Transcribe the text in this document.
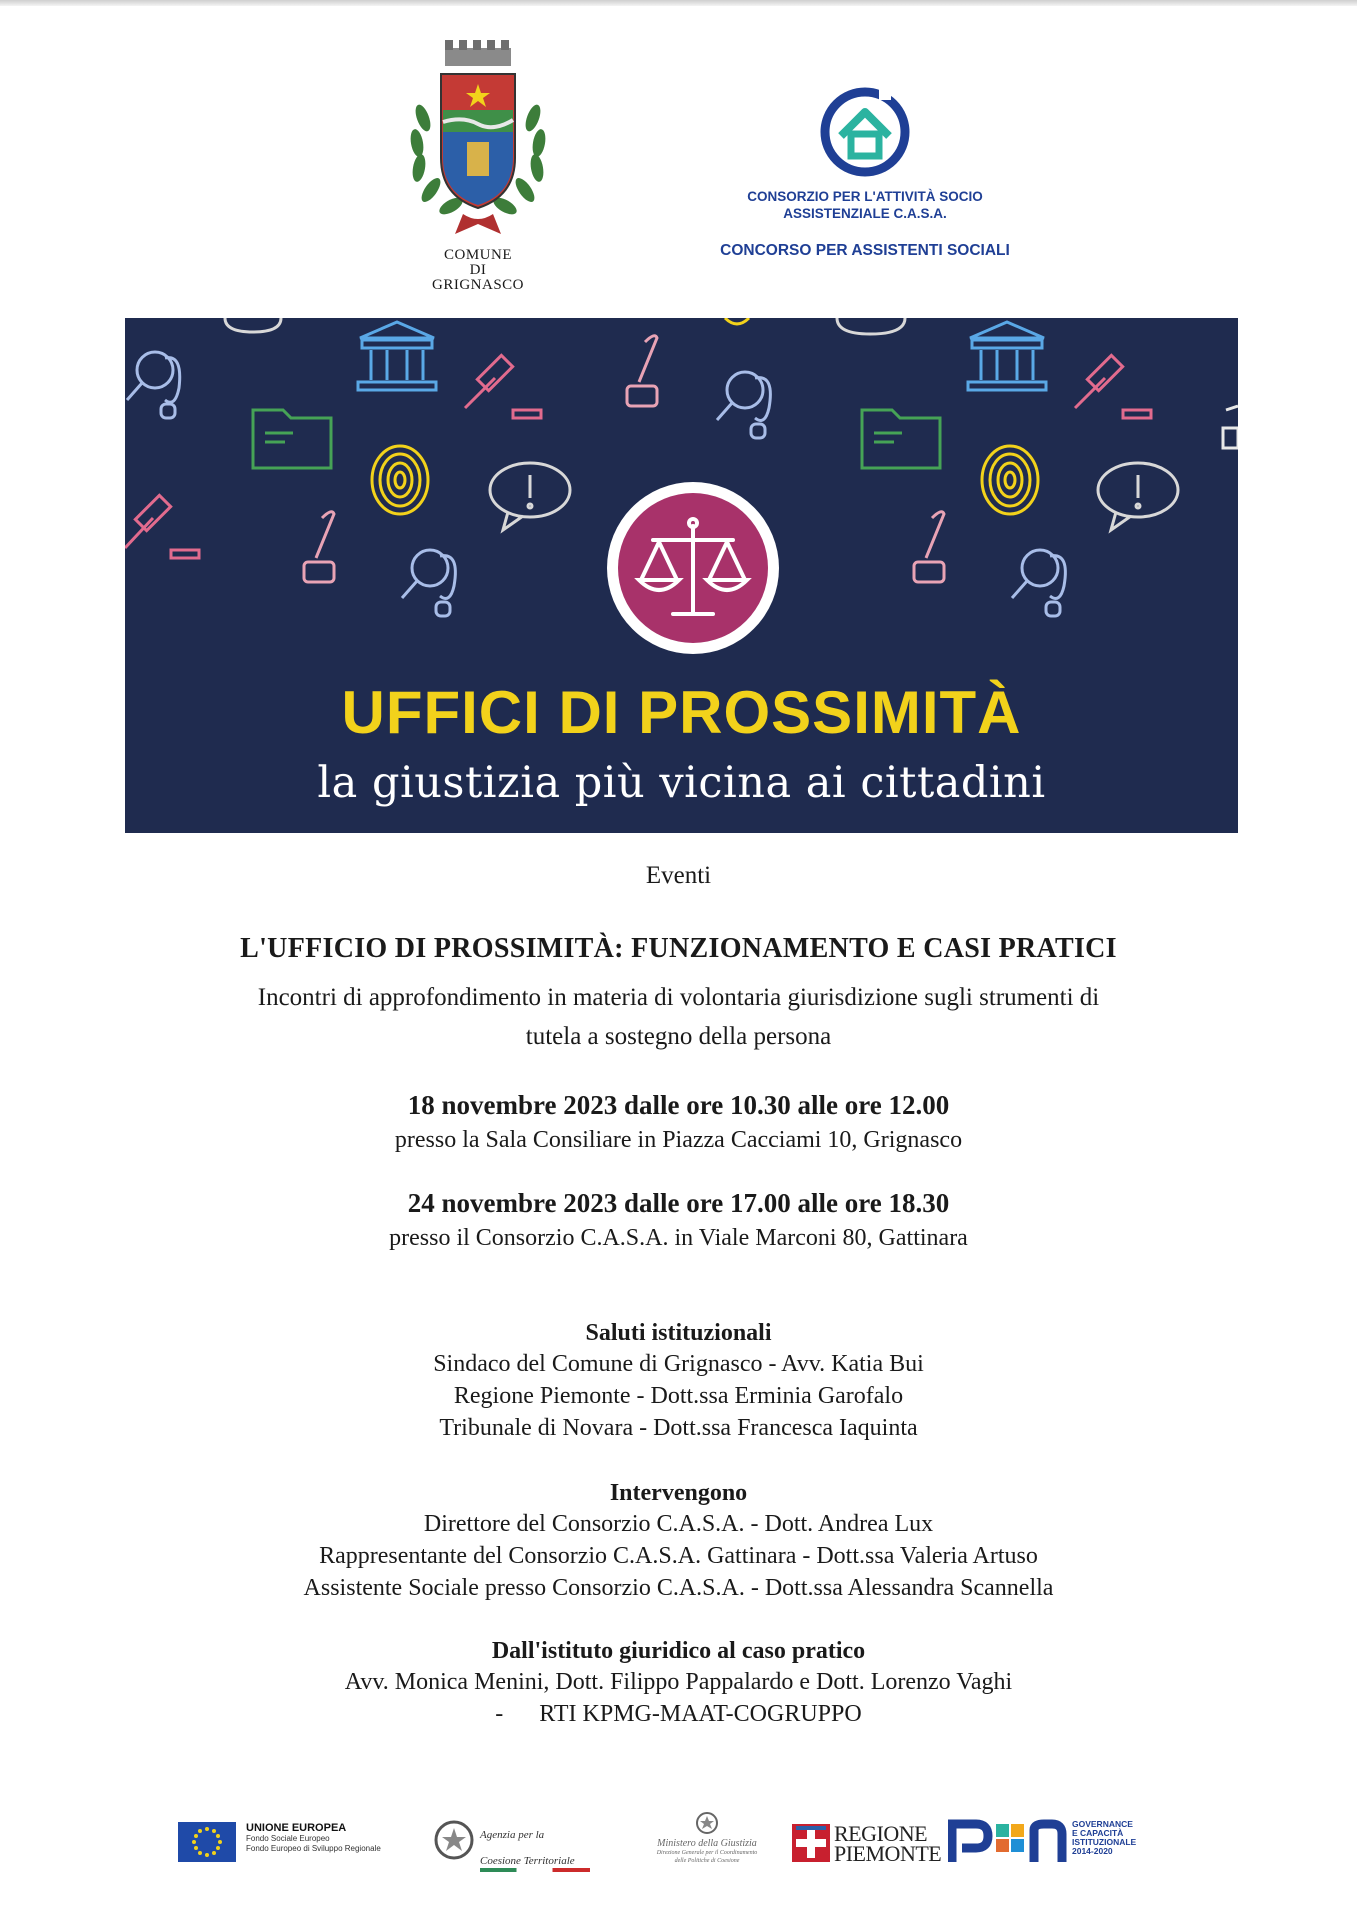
COMUNE
DI
GRIGNASCO
CONSORZIO PER L'ATTIVITÀ SOCIO
ASSISTENZIALE C.A.S.A.
CONCORSO PER ASSISTENTI SOCIALI
UFFICI DI PROSSIMITÀ
la giustizia più vicina ai cittadini
Eventi
L'UFFICIO DI PROSSIMITÀ: FUNZIONAMENTO E CASI PRATICI
Incontri di approfondimento in materia di volontaria giurisdizione sugli strumenti di
tutela a sostegno della persona
18 novembre 2023 dalle ore 10.30 alle ore 12.00
presso la Sala Consiliare in Piazza Cacciami 10, Grignasco
24 novembre 2023 dalle ore 17.00 alle ore 18.30
presso il Consorzio C.A.S.A. in Viale Marconi 80, Gattinara
Saluti istituzionali
Sindaco del Comune di Grignasco - Avv. Katia Bui
Regione Piemonte - Dott.ssa Erminia Garofalo
Tribunale di Novara - Dott.ssa Francesca Iaquinta
Intervengono
Direttore del Consorzio C.A.S.A. - Dott. Andrea Lux
Rappresentante del Consorzio C.A.S.A. Gattinara - Dott.ssa Valeria Artuso
Assistente Sociale presso Consorzio C.A.S.A. - Dott.ssa Alessandra Scannella
Dall'istituto giuridico al caso pratico
Avv. Monica Menini, Dott. Filippo Pappalardo e Dott. Lorenzo Vaghi
-      RTI KPMG-MAAT-COGRUPPO
UNIONE EUROPEA
Fondo Sociale Europeo
Fondo Europeo di Sviluppo Regionale
Agenzia per la
Coesione Territoriale
Ministero della Giustizia
Direzione Generale per il Coordinamento
delle Politiche di Coesione
REGIONE
PIEMONTE
GOVERNANCE
E CAPACITÀ
ISTITUZIONALE
2014-2020
